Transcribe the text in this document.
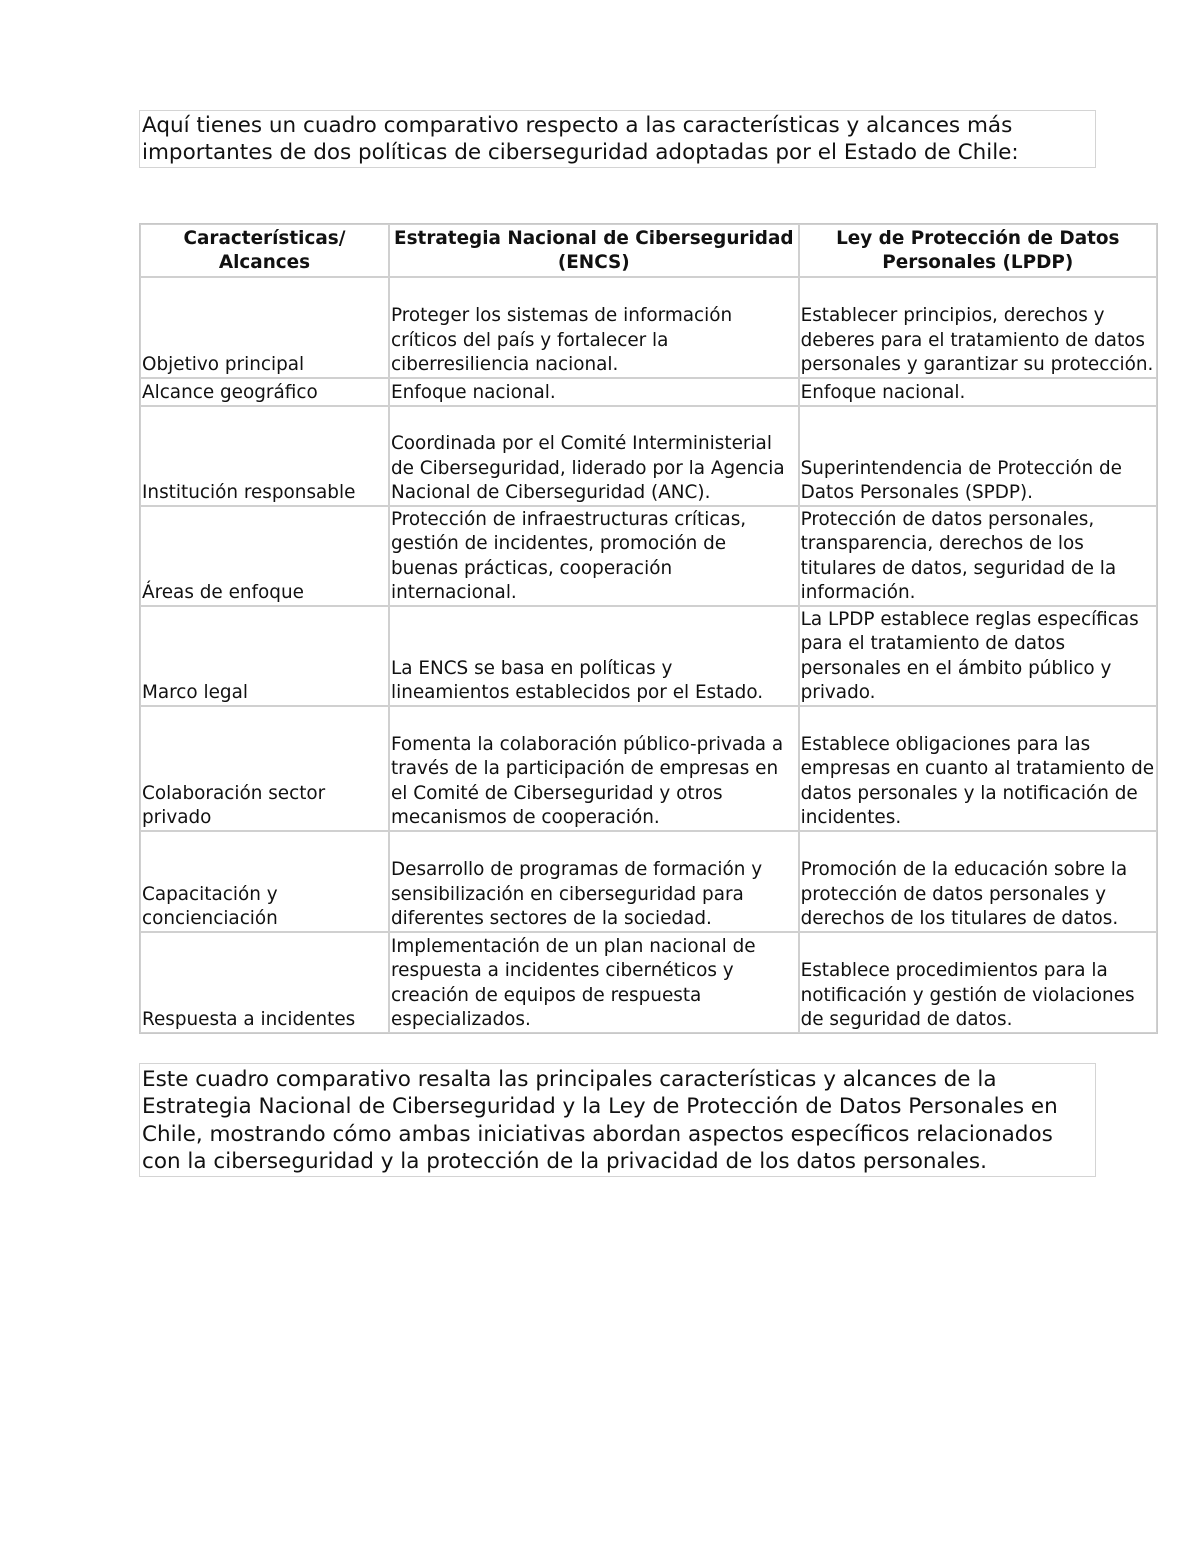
Aquí tienes un cuadro comparativo respecto a las características y alcances más importantes de dos políticas de ciberseguridad adoptadas por el Estado de Chile:

Características/ Alcances	Estrategia Nacional de Ciberseguridad (ENCS)	Ley de Protección de Datos Personales (LPDP)
Objetivo principal	Proteger los sistemas de información críticos del país y fortalecer la ciberresiliencia nacional.	Establecer principios, derechos y deberes para el tratamiento de datos personales y garantizar su protección.
Alcance geográfico	Enfoque nacional.	Enfoque nacional.
Institución responsable	Coordinada por el Comité Interministerial de Ciberseguridad, liderado por la Agencia Nacional de Ciberseguridad (ANC).	Superintendencia de Protección de Datos Personales (SPDP).
Áreas de enfoque	Protección de infraestructuras críticas, gestión de incidentes, promoción de buenas prácticas, cooperación internacional.	Protección de datos personales, transparencia, derechos de los titulares de datos, seguridad de la información.
Marco legal	La ENCS se basa en políticas y lineamientos establecidos por el Estado.	La LPDP establece reglas específicas para el tratamiento de datos personales en el ámbito público y privado.
Colaboración sector privado	Fomenta la colaboración público-privada a través de la participación de empresas en el Comité de Ciberseguridad y otros mecanismos de cooperación.	Establece obligaciones para las empresas en cuanto al tratamiento de datos personales y la notificación de incidentes.
Capacitación y concienciación	Desarrollo de programas de formación y sensibilización en ciberseguridad para diferentes sectores de la sociedad.	Promoción de la educación sobre la protección de datos personales y derechos de los titulares de datos.
Respuesta a incidentes	Implementación de un plan nacional de respuesta a incidentes cibernéticos y creación de equipos de respuesta especializados.	Establece procedimientos para la notificación y gestión de violaciones de seguridad de datos.

Este cuadro comparativo resalta las principales características y alcances de la Estrategia Nacional de Ciberseguridad y la Ley de Protección de Datos Personales en Chile, mostrando cómo ambas iniciativas abordan aspectos específicos relacionados con la ciberseguridad y la protección de la privacidad de los datos personales.
